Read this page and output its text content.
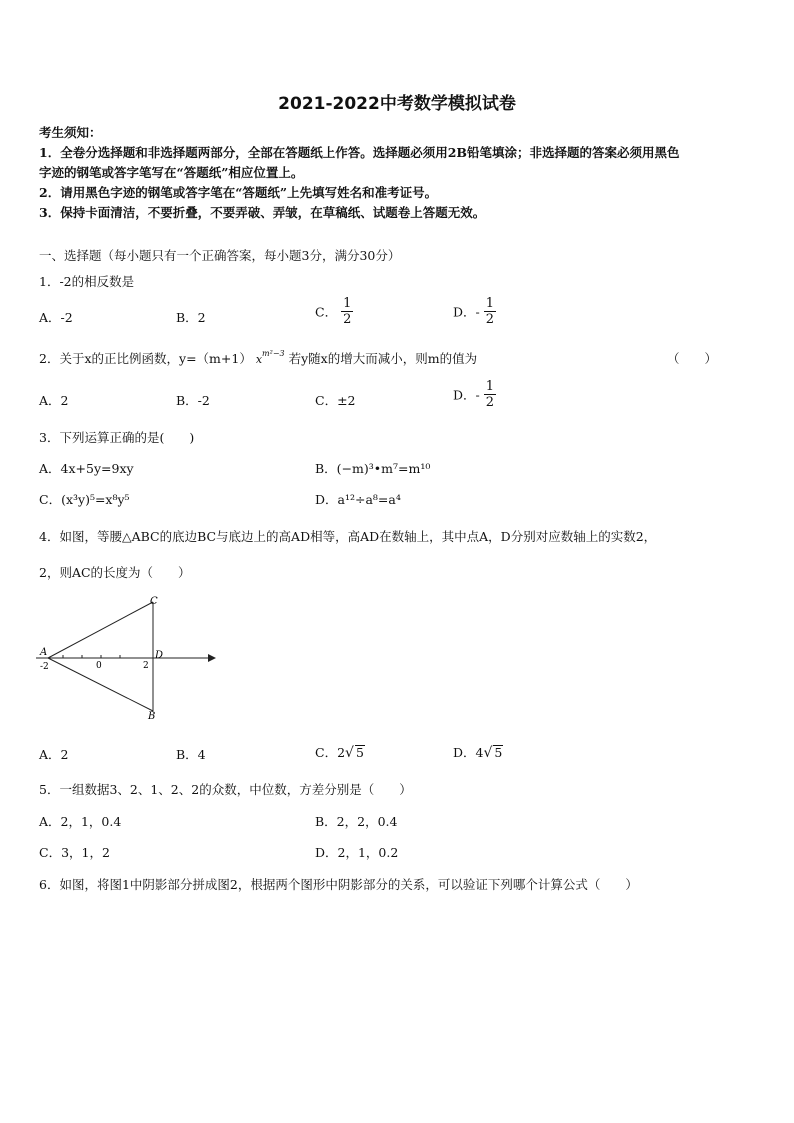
2021-2022中考数学模拟试卷
考生须知：
1．全卷分选择题和非选择题两部分，全部在答题纸上作答。选择题必须用2B铅笔填涂；非选择题的答案必须用黑色
字迹的钢笔或答字笔写在“答题纸”相应位置上。
2．请用黑色字迹的钢笔或答字笔在“答题纸”上先填写姓名和准考证号。
3．保持卡面清洁，不要折叠，不要弄破、弄皱，在草稿纸、试题卷上答题无效。
一、选择题（每小题只有一个正确答案，每小题3分，满分30分）
1．-2的相反数是
A．-2	B．2	C． $\frac{1}{2}$	D．- $\frac{1}{2}$
2．关于x的正比例函数，y=（m+1） $x^{m^2-3}$ 若y随x的增大而减小，则m的值为	（　　）
A．2	B．-2	C．±2	D．- $\frac{1}{2}$
3．下列运算正确的是(　　)
A．4x+5y=9xy	B．(−m)³•m⁷=m¹⁰
C．(x³y)⁵=x⁸y⁵	D．a¹²÷a⁸=a⁴
4．如图，等腰△ABC的底边BC与底边上的高AD相等，高AD在数轴上，其中点A，D分别对应数轴上的实数2，
2，则AC的长度为（　　）
A
C
D
B
-2	0	2
A．2	B．4	C．2√ 5	D．4√ 5
5．一组数据3、2、1、2、2的众数，中位数，方差分别是（　　）
A．2，1，0.4	B．2，2，0.4
C．3，1，2	D．2，1，0.2
6．如图，将图1中阴影部分拼成图2，根据两个图形中阴影部分的关系，可以验证下列哪个计算公式（　　）
